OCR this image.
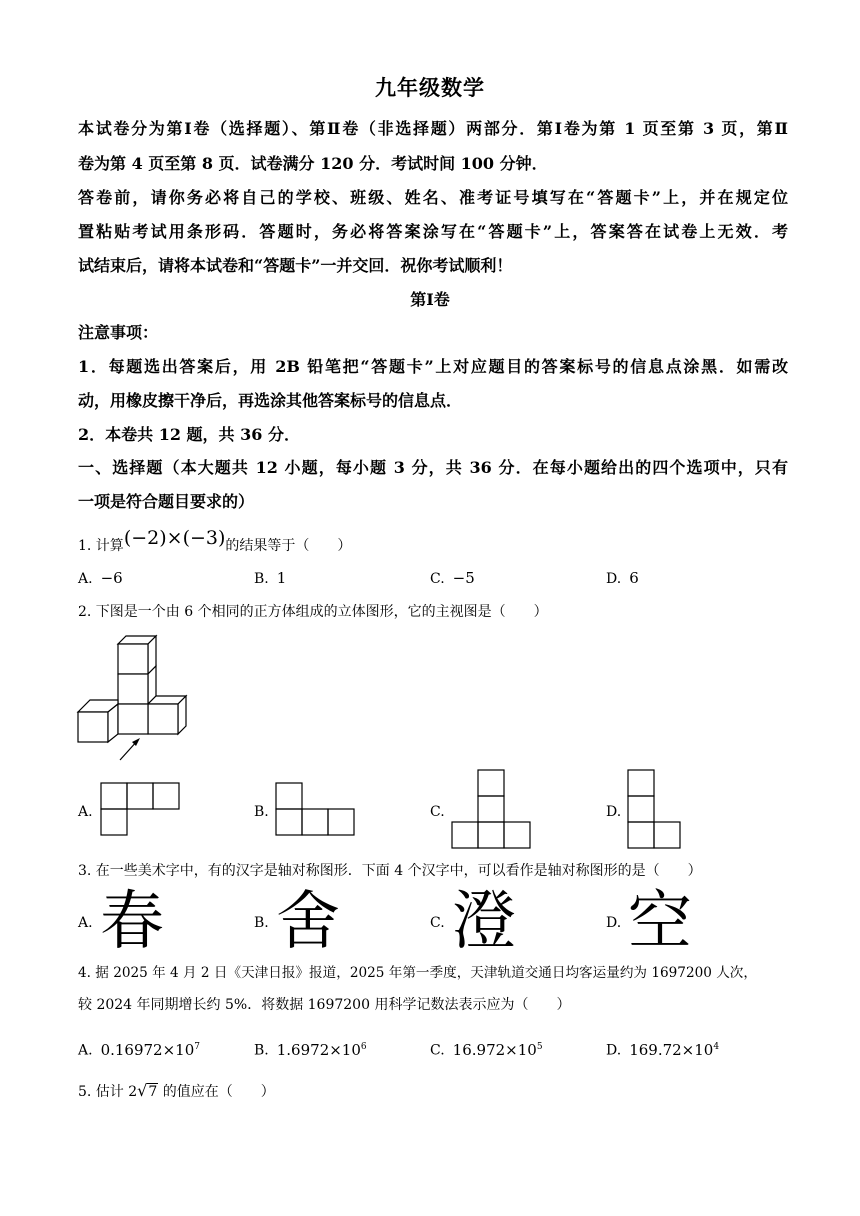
九年级数学
本试卷分为第Ⅰ卷（选择题）、第Ⅱ卷（非选择题）两部分．第Ⅰ卷为第 1 页至第 3 页，第Ⅱ
卷为第 4 页至第 8 页．试卷满分 120 分．考试时间 100 分钟．
答卷前，请你务必将自己的学校、班级、姓名、准考证号填写在“答题卡”上，并在规定位
置粘贴考试用条形码．答题时，务必将答案涂写在“答题卡”上，答案答在试卷上无效．考
试结束后，请将本试卷和“答题卡”一并交回．祝你考试顺利！
第Ⅰ卷
注意事项：
1．每题选出答案后，用 2B 铅笔把“答题卡”上对应题目的答案标号的信息点涂黑．如需改
动，用橡皮擦干净后，再选涂其他答案标号的信息点．
2．本卷共 12 题，共 36 分．
一、选择题（本大题共 12 小题，每小题 3 分，共 36 分．在每小题给出的四个选项中，只有
一项是符合题目要求的）
1. 计算(−2)×(−3)的结果等于（　　）
A. −6	B. 1	C. −5	D. 6
2. 下图是一个由 6 个相同的正方体组成的立体图形，它的主视图是（　　）
A.	B.	C.	D.
3. 在一些美术字中，有的汉字是轴对称图形．下面 4 个汉字中，可以看作是轴对称图形的是（　　）
A. 春	B. 舍	C. 澄	D. 空
4. 据 2025 年 4 月 2 日《天津日报》报道，2025 年第一季度，天津轨道交通日均客运量约为 1697200 人次，
较 2024 年同期增长约 5%．将数据 1697200 用科学记数法表示应为（　　）
A. $0.16972\times 10^7$	B. $1.6972\times 10^6$	C. $16.972\times 10^5$	D. $169.72\times 10^4$
5. 估计 2√7 的值应在（　　）
